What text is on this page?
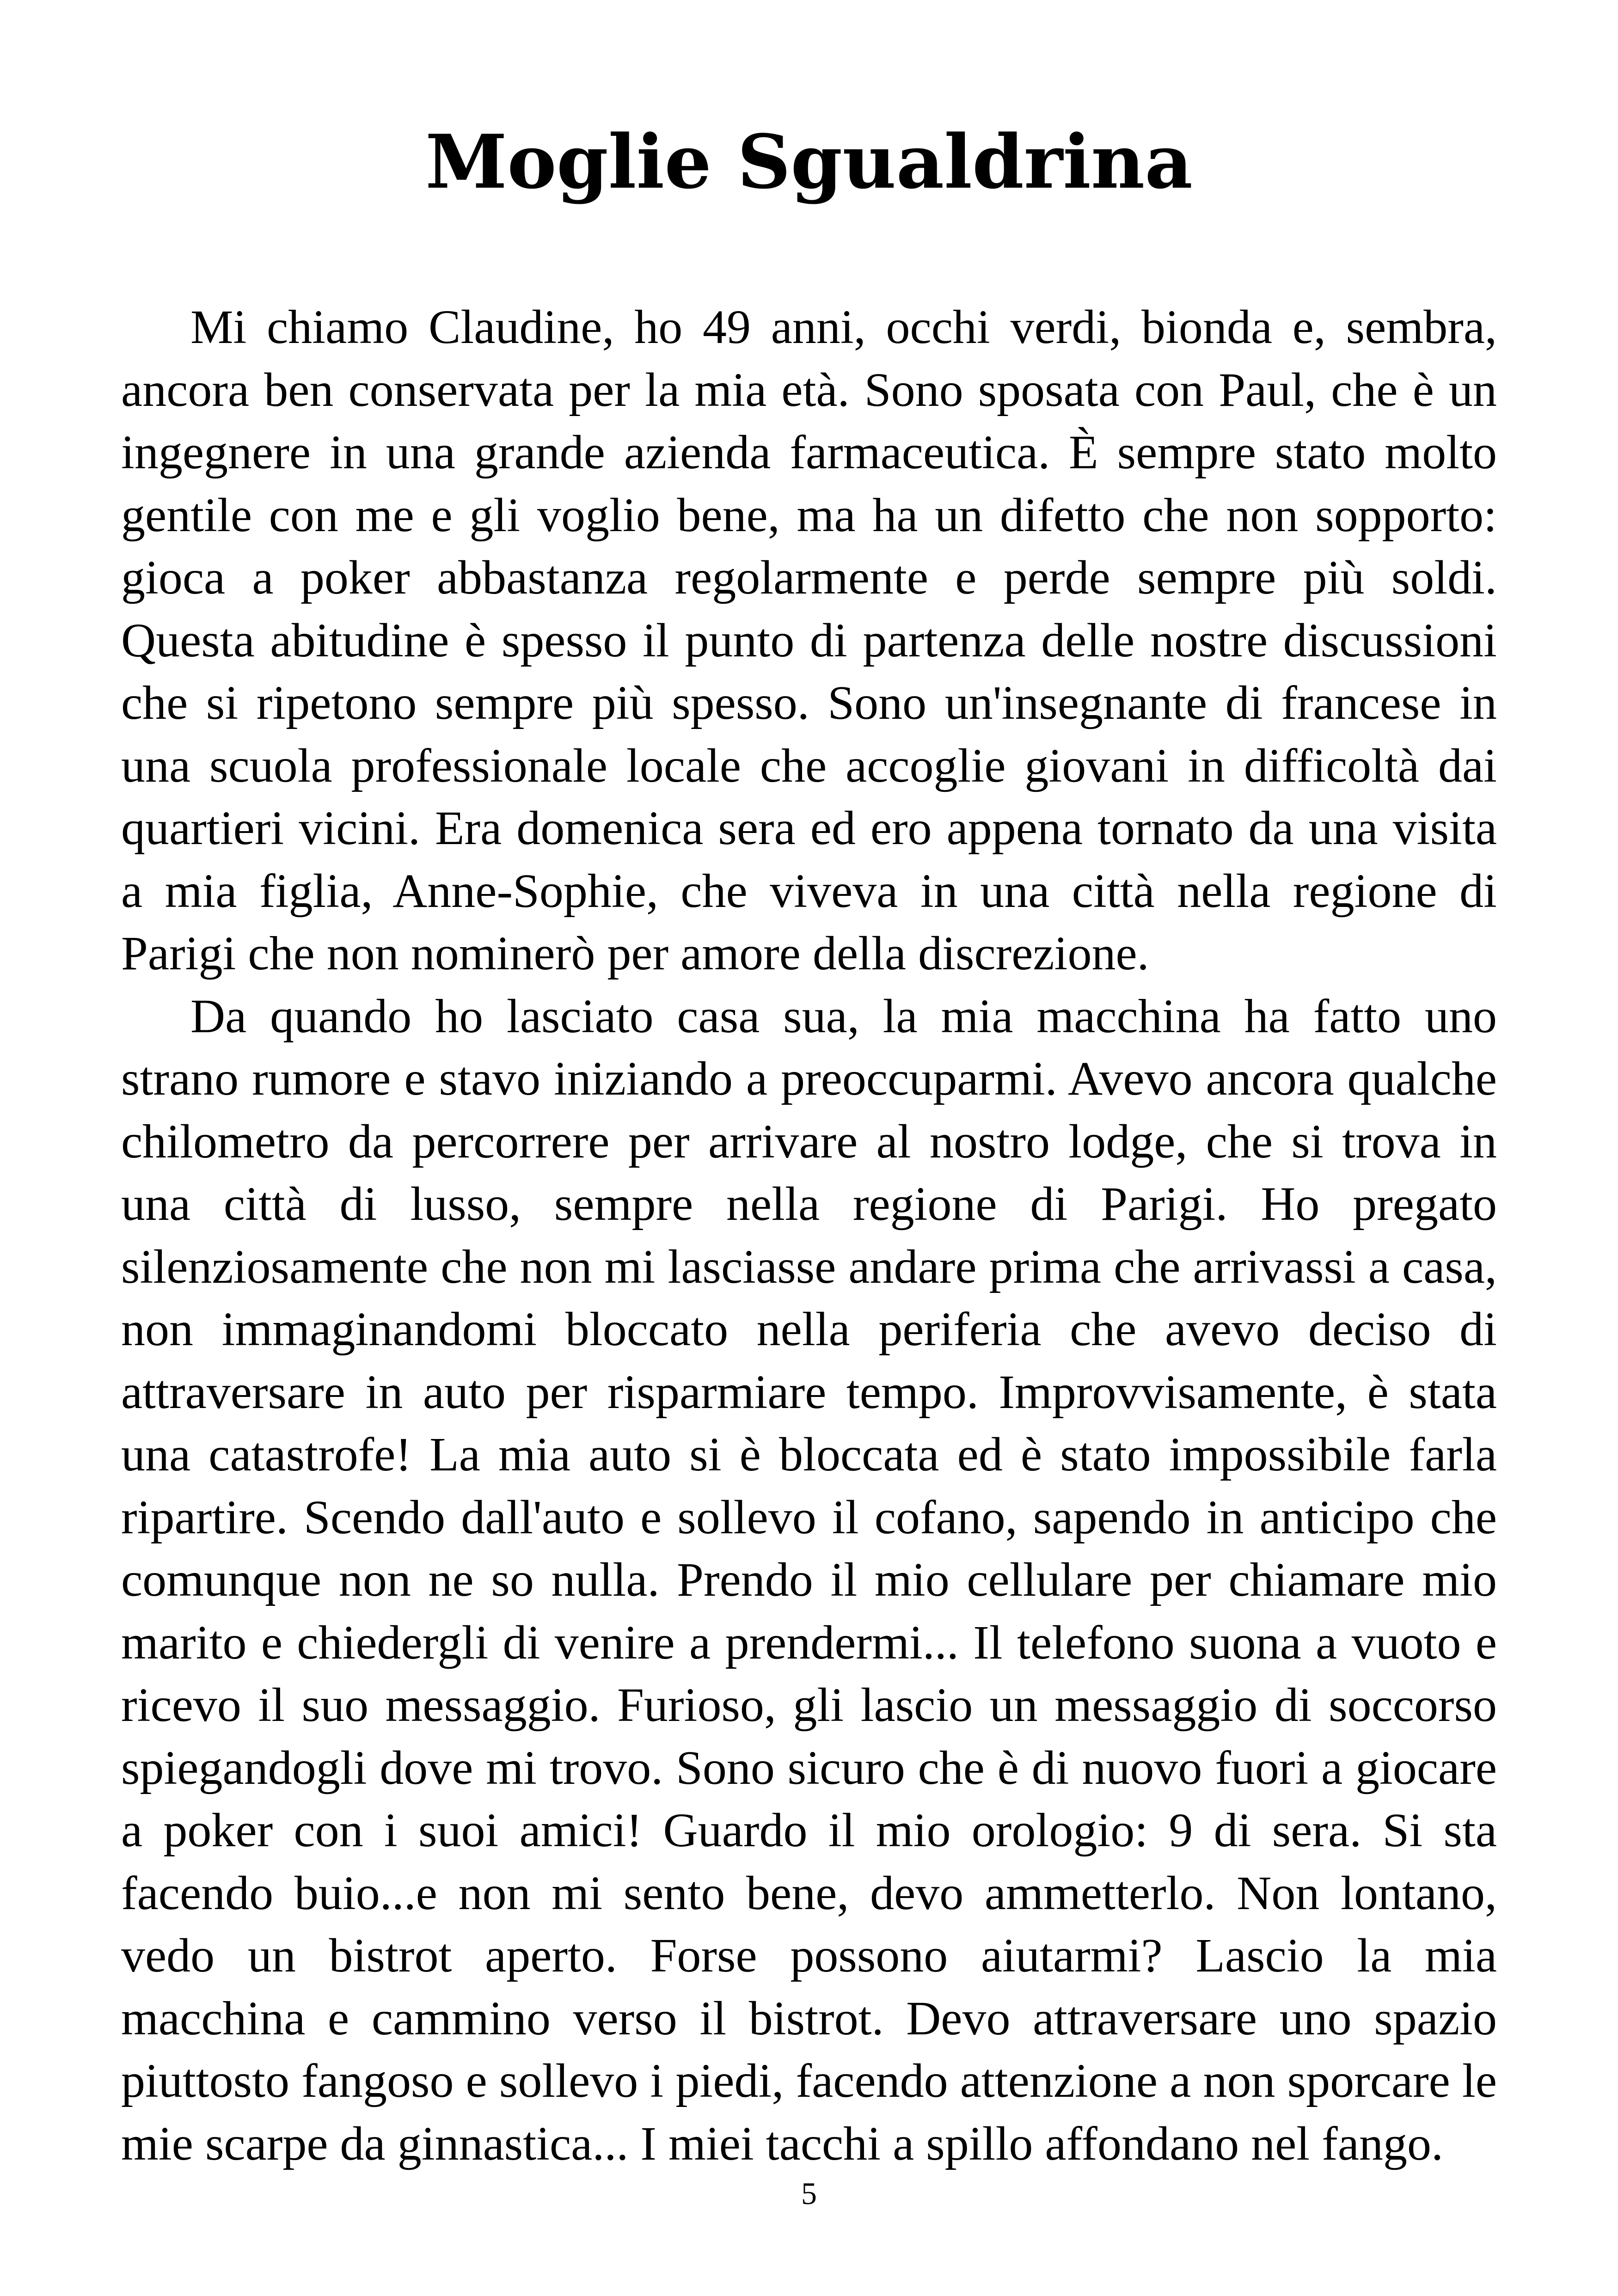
Moglie Sgualdrina

Mi chiamo Claudine, ho 49 anni, occhi verdi, bionda e, sembra, ancora ben conservata per la mia età. Sono sposata con Paul, che è un ingegnere in una grande azienda farmaceutica. È sempre stato molto gentile con me e gli voglio bene, ma ha un difetto che non sopporto: gioca a poker abbastanza regolarmente e perde sempre più soldi. Questa abitudine è spesso il punto di partenza delle nostre discussioni che si ripetono sempre più spesso. Sono un'insegnante di francese in una scuola professionale locale che accoglie giovani in difficoltà dai quartieri vicini. Era domenica sera ed ero appena tornato da una visita a mia figlia, Anne-Sophie, che viveva in una città nella regione di Parigi che non nominerò per amore della discrezione.

Da quando ho lasciato casa sua, la mia macchina ha fatto uno strano rumore e stavo iniziando a preoccuparmi. Avevo ancora qualche chilometro da percorrere per arrivare al nostro lodge, che si trova in una città di lusso, sempre nella regione di Parigi. Ho pregato silenziosamente che non mi lasciasse andare prima che arrivassi a casa, non immaginandomi bloccato nella periferia che avevo deciso di attraversare in auto per risparmiare tempo. Improvvisamente, è stata una catastrofe! La mia auto si è bloccata ed è stato impossibile farla ripartire. Scendo dall'auto e sollevo il cofano, sapendo in anticipo che comunque non ne so nulla. Prendo il mio cellulare per chiamare mio marito e chiedergli di venire a prendermi... Il telefono suona a vuoto e ricevo il suo messaggio. Furioso, gli lascio un messaggio di soccorso spiegandogli dove mi trovo. Sono sicuro che è di nuovo fuori a giocare a poker con i suoi amici! Guardo il mio orologio: 9 di sera. Si sta facendo buio...e non mi sento bene, devo ammetterlo. Non lontano, vedo un bistrot aperto. Forse possono aiutarmi? Lascio la mia macchina e cammino verso il bistrot. Devo attraversare uno spazio piuttosto fangoso e sollevo i piedi, facendo attenzione a non sporcare le mie scarpe da ginnastica... I miei tacchi a spillo affondano nel fango.

5
